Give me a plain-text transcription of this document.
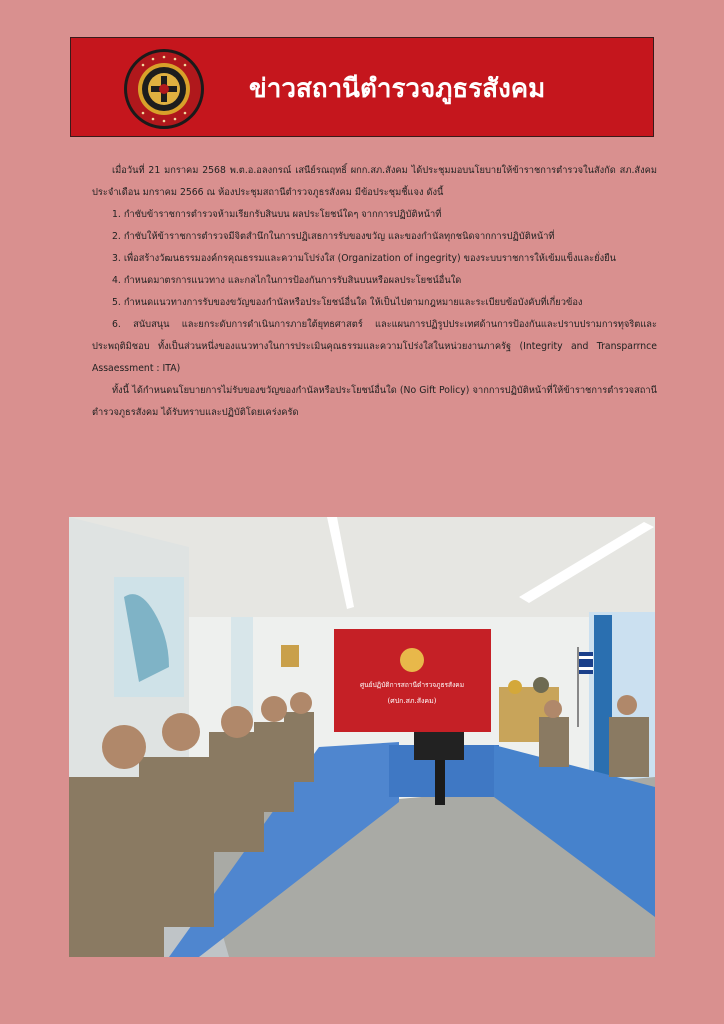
ข่าวสถานีตำรวจภูธรสังคม

เมื่อวันที่ 21 มกราคม 2568 พ.ต.อ.อลงกรณ์ เสนีย์รณฤทธิ์ ผกก.สภ.สังคม ได้ประชุมมอบนโยบายให้ข้าราชการตำรวจในสังกัด สภ.สังคม ประจำเดือน มกราคม 2566 ณ ห้องประชุมสถานีตำรวจภูธรสังคม มีข้อประชุมชี้แจง ดังนี้

1. กำชับข้าราชการตำรวจห้ามเรียกรับสินบน ผลประโยชน์ใดๆ จากการปฏิบัติหน้าที่

2. กำชับให้ข้าราชการตำรวจมีจิตสำนึกในการปฏิเสธการรับของขวัญ และของกำนัลทุกชนิดจากการปฏิบัติหน้าที่

3. เพื่อสร้างวัฒนธรรมองค์กรคุณธรรมและความโปร่งใส (Organization of ingegrity) ของระบบราชการให้เข้มแข็งและยั่งยืน

4. กำหนดมาตรการแนวทาง และกลไกในการป้องกันการรับสินบนหรือผลประโยชน์อื่นใด

5. กำหนดแนวทางการรับของขวัญของกำนัลหรือประโยชน์อื่นใด ให้เป็นไปตามกฎหมายและระเบียบข้อบังคับที่เกี่ยวข้อง

6. สนับสนุน และยกระดับการดำเนินการภายใต้ยุทธศาสตร์ และแผนการปฏิรูปประเทศด้านการป้องกันและปราบปรามการทุจริตและประพฤติมิชอบ ทั้งเป็นส่วนหนึ่งของแนวทางในการประเมินคุณธรรมและความโปร่งใสในหน่วยงานภาครัฐ (Integrity and Transparrnce Assaessment : ITA)

ทั้งนี้ ได้กำหนดนโยบายการไม่รับของขวัญของกำนัลหรือประโยชน์อื่นใด (No Gift Policy) จากการปฏิบัติหน้าที่ให้ข้าราชการตำรวจสถานีตำรวจภูธรสังคม ได้รับทราบและปฏิบัติโดยเคร่งครัด

ศูนย์ปฏิบัติการสถานีตำรวจภูธรสังคม
(ศปก.สภ.สังคม)
